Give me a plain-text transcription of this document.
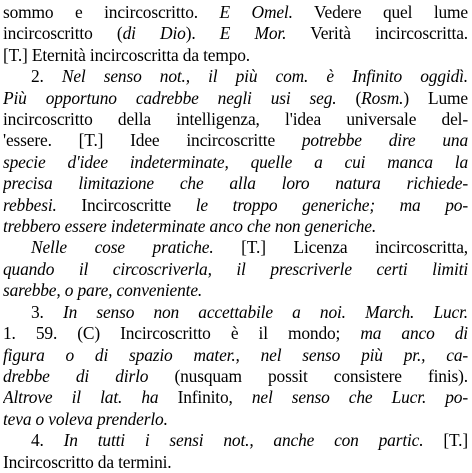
sommo e incircoscritto. E Omel. Vedere quel lume
incircoscritto (di Dio). E Mor. Verità incircoscritta.
[T.] Eternità incircoscritta da tempo.
2. Nel senso not., il più com. è Infinito oggidì.
Più opportuno cadrebbe negli usi seg. (Rosm.) Lume
incircoscritto della intelligenza, l'idea universale del-
'essere. [T.] Idee incircoscritte potrebbe dire una
specie d'idee indeterminate, quelle a cui manca la
precisa limitazione che alla loro natura richiede-
rebbesi. Incircoscritte le troppo generiche; ma po-
trebbero essere indeterminate anco che non generiche.
Nelle cose pratiche. [T.] Licenza incircoscritta,
quando il circoscriverla, il prescriverle certi limiti
sarebbe, o pare, conveniente.
3. In senso non accettabile a noi. March. Lucr.
1. 59. (C) Incircoscritto è il mondo; ma anco di
figura o di spazio mater., nel senso più pr., ca-
drebbe di dirlo (nusquam possit consistere finis).
Altrove il lat. ha Infinito, nel senso che Lucr. po-
teva o voleva prenderlo.
4. In tutti i sensi not., anche con partic. [T.]
Incircoscritto da termini.
